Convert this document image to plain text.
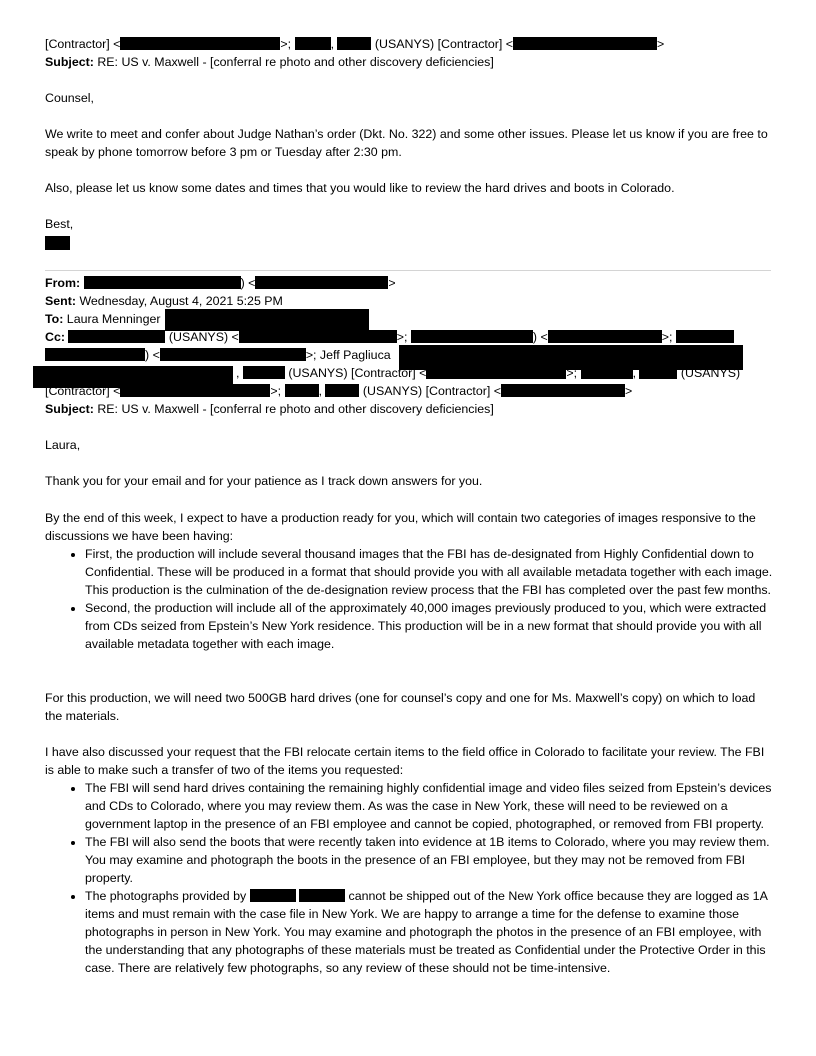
[Contractor] <	>;	,	(USANYS) [Contractor] <	>
Subject: RE: US v. Maxwell - [conferral re photo and other discovery deficiencies]
Counsel,
We write to meet and confer about Judge Nathan’s order (Dkt. No. 322) and some other issues. Please let us know if you are free to speak by phone tomorrow before 3 pm or Tuesday after 2:30 pm.
Also, please let us know some dates and times that you would like to review the hard drives and boots in Colorado.
Best,
From:	) <	>
Sent: Wednesday, August 4, 2021 5:25 PM
To: Laura Menninger
Cc:	(USANYS) <	>;	) <	>;
) <	>; Jeff Pagliuca
,	(USANYS) [Contractor] <	>;	,	(USANYS)
[Contractor] <	>;	,	(USANYS) [Contractor] <	>
Subject: RE: US v. Maxwell - [conferral re photo and other discovery deficiencies]
Laura,
Thank you for your email and for your patience as I track down answers for you.
By the end of this week, I expect to have a production ready for you, which will contain two categories of images responsive to the discussions we have been having:
• First, the production will include several thousand images that the FBI has de-designated from Highly Confidential down to Confidential. These will be produced in a format that should provide you with all available metadata together with each image. This production is the culmination of the de-designation review process that the FBI has completed over the past few months.
• Second, the production will include all of the approximately 40,000 images previously produced to you, which were extracted from CDs seized from Epstein’s New York residence. This production will be in a new format that should provide you with all available metadata together with each image.
For this production, we will need two 500GB hard drives (one for counsel’s copy and one for Ms. Maxwell’s copy) on which to load the materials.
I have also discussed your request that the FBI relocate certain items to the field office in Colorado to facilitate your review. The FBI is able to make such a transfer of two of the items you requested:
• The FBI will send hard drives containing the remaining highly confidential image and video files seized from Epstein’s devices and CDs to Colorado, where you may review them. As was the case in New York, these will need to be reviewed on a government laptop in the presence of an FBI employee and cannot be copied, photographed, or removed from FBI property.
• The FBI will also send the boots that were recently taken into evidence at 1B items to Colorado, where you may review them. You may examine and photograph the boots in the presence of an FBI employee, but they may not be removed from FBI property.
• The photographs provided by	cannot be shipped out of the New York office because they are logged as 1A items and must remain with the case file in New York. We are happy to arrange a time for the defense to examine those photographs in person in New York. You may examine and photograph the photos in the presence of an FBI employee, with the understanding that any photographs of these materials must be treated as Confidential under the Protective Order in this case. There are relatively few photographs, so any review of these should not be time-intensive.
